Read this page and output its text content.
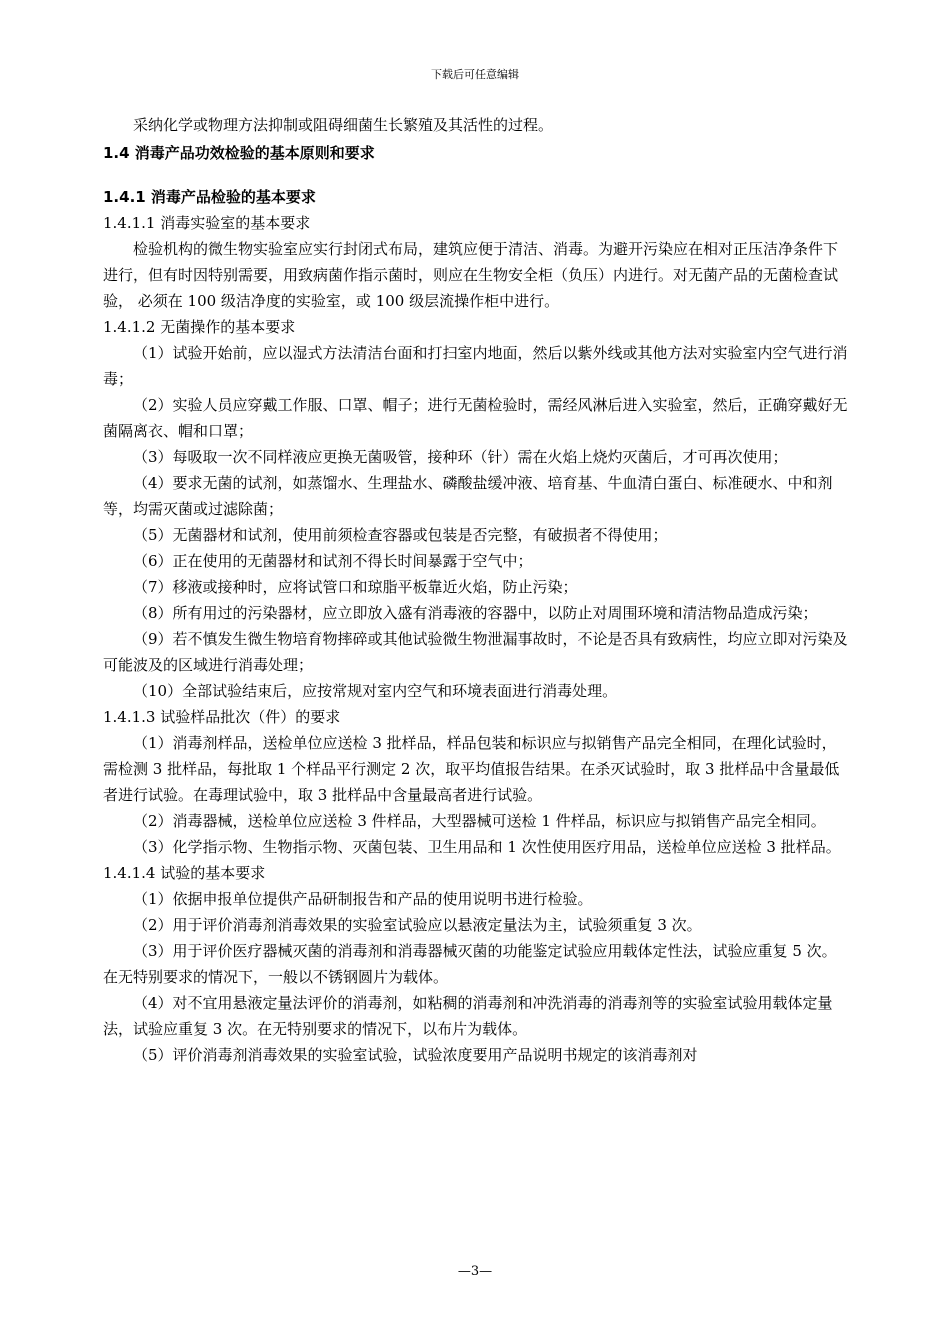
下载后可任意编辑

采纳化学或物理方法抑制或阻碍细菌生长繁殖及其活性的过程。

1.4 消毒产品功效检验的基本原则和要求

1.4.1 消毒产品检验的基本要求

1.4.1.1 消毒实验室的基本要求

检验机构的微生物实验室应实行封闭式布局，建筑应便于清洁、消毒。为避开污染应在相对正压洁净条件下进行，但有时因特别需要，用致病菌作指示菌时，则应在生物安全柜（负压）内进行。对无菌产品的无菌检查试验， 必须在 100 级洁净度的实验室，或 100 级层流操作柜中进行。

1.4.1.2 无菌操作的基本要求

（1）试验开始前，应以湿式方法清洁台面和打扫室内地面，然后以紫外线或其他方法对实验室内空气进行消毒；

（2）实验人员应穿戴工作服、口罩、帽子；进行无菌检验时，需经风淋后进入实验室，然后，正确穿戴好无菌隔离衣、帽和口罩；

（3）每吸取一次不同样液应更换无菌吸管，接种环（针）需在火焰上烧灼灭菌后，才可再次使用；

（4）要求无菌的试剂，如蒸馏水、生理盐水、磷酸盐缓冲液、培育基、牛血清白蛋白、标准硬水、中和剂等，均需灭菌或过滤除菌；

（5）无菌器材和试剂，使用前须检查容器或包装是否完整，有破损者不得使用；

（6）正在使用的无菌器材和试剂不得长时间暴露于空气中；

（7）移液或接种时，应将试管口和琼脂平板靠近火焰，防止污染；

（8）所有用过的污染器材，应立即放入盛有消毒液的容器中，以防止对周围环境和清洁物品造成污染；

（9）若不慎发生微生物培育物摔碎或其他试验微生物泄漏事故时，不论是否具有致病性，均应立即对污染及可能波及的区域进行消毒处理；

（10）全部试验结束后，应按常规对室内空气和环境表面进行消毒处理。

1.4.1.3 试验样品批次（件）的要求

（1）消毒剂样品，送检单位应送检 3 批样品，样品包装和标识应与拟销售产品完全相同，在理化试验时，需检测 3 批样品，每批取 1 个样品平行测定 2 次，取平均值报告结果。在杀灭试验时，取 3 批样品中含量最低者进行试验。在毒理试验中，取 3 批样品中含量最高者进行试验。

（2）消毒器械，送检单位应送检 3 件样品，大型器械可送检 1 件样品，标识应与拟销售产品完全相同。

（3）化学指示物、生物指示物、灭菌包装、卫生用品和 1 次性使用医疗用品，送检单位应送检 3 批样品。

1.4.1.4 试验的基本要求

（1）依据申报单位提供产品研制报告和产品的使用说明书进行检验。

（2）用于评价消毒剂消毒效果的实验室试验应以悬液定量法为主，试验须重复 3 次。

（3）用于评价医疗器械灭菌的消毒剂和消毒器械灭菌的功能鉴定试验应用载体定性法，试验应重复 5 次。在无特别要求的情况下，一般以不锈钢圆片为载体。

（4）对不宜用悬液定量法评价的消毒剂，如粘稠的消毒剂和冲洗消毒的消毒剂等的实验室试验用载体定量法，试验应重复 3 次。在无特别要求的情况下，以布片为载体。

（5）评价消毒剂消毒效果的实验室试验，试验浓度要用产品说明书规定的该消毒剂对

—3—
